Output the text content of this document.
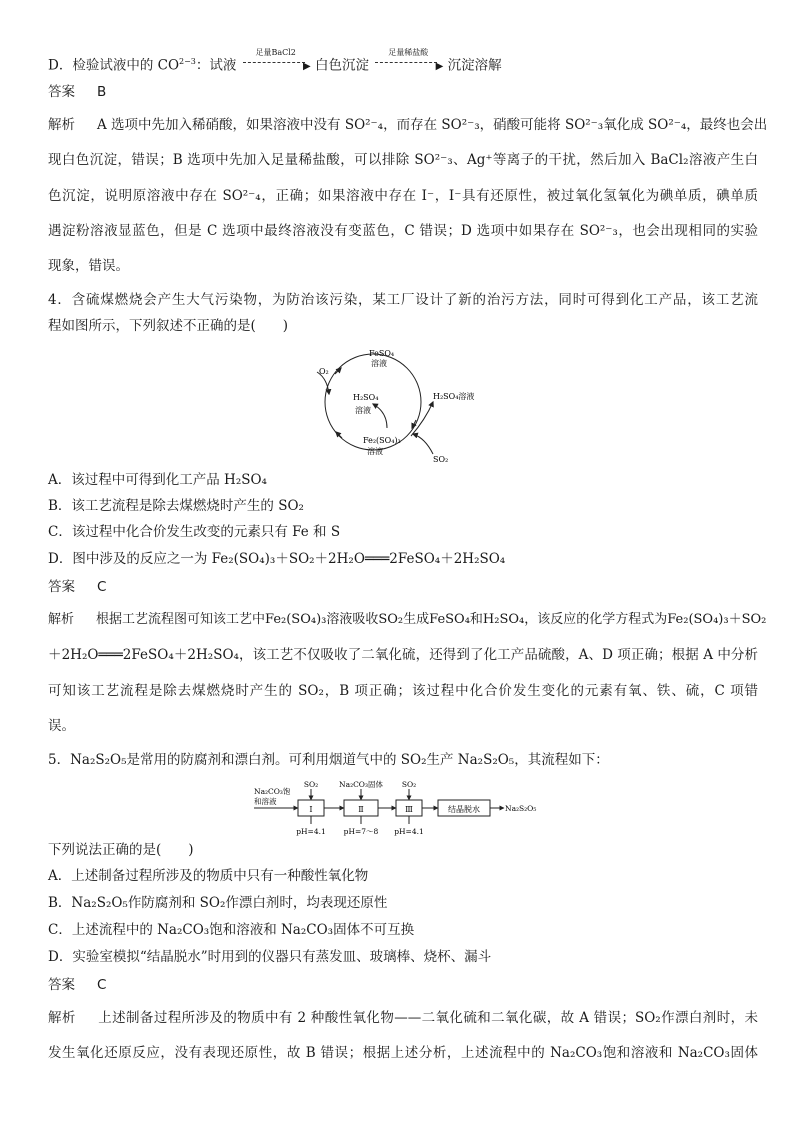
D．检验试液中的 $CO^{2-3}$：试液
足量BaCl2
▶ 白色沉淀
足量稀盐酸
▶ 沉淀溶解
答案 B
解析 A 选项中先加入稀硝酸，如果溶液中没有 SO²⁻₄，而存在 SO²⁻₃，硝酸可能将 SO²⁻₃氧化成 SO²⁻₄，最终也会出
现白色沉淀，错误；B 选项中先加入足量稀盐酸，可以排除 SO²⁻₃、Ag⁺等离子的干扰，然后加入 BaCl₂溶液产生白
色沉淀，说明原溶液中存在 SO²⁻₄，正确；如果溶液中存在 I⁻，I⁻具有还原性，被过氧化氢氧化为碘单质，碘单质
遇淀粉溶液显蓝色，但是 C 选项中最终溶液没有变蓝色，C 错误；D 选项中如果存在 SO²⁻₃，也会出现相同的实验
现象，错误。
4．含硫煤燃烧会产生大气污染物，为防治该污染，某工厂设计了新的治污方法，同时可得到化工产品，该工艺流
程如图所示，下列叙述不正确的是(　　)
FeSO₄
溶液
O₂
H₂SO₄
溶液
H₂SO₄溶液
Fe₂(SO₄)₃
溶液
SO₂
A．该过程中可得到化工产品 H₂SO₄
B．该工艺流程是除去煤燃烧时产生的 SO₂
C．该过程中化合价发生改变的元素只有 Fe 和 S
D．图中涉及的反应之一为 Fe₂(SO₄)₃＋SO₂＋2H₂O═══2FeSO₄＋2H₂SO₄
答案 C
解析 根据工艺流程图可知该工艺中Fe₂(SO₄)₃溶液吸收SO₂生成FeSO₄和H₂SO₄，该反应的化学方程式为Fe₂(SO₄)₃＋SO₂
＋2H₂O═══2FeSO₄＋2H₂SO₄，该工艺不仅吸收了二氧化硫，还得到了化工产品硫酸，A、D 项正确；根据 A 中分析
可知该工艺流程是除去煤燃烧时产生的 SO₂，B 项正确；该过程中化合价发生变化的元素有氧、铁、硫，C 项错
误。
5．Na₂S₂O₅是常用的防腐剂和漂白剂。可利用烟道气中的 SO₂生产 Na₂S₂O₅，其流程如下：
Na₂CO₃饱
和溶液
Ⅰ
SO₂
pH=4.1
Ⅱ
Na₂CO₃固体
pH=7～8
Ⅲ
SO₂
pH=4.1
结晶脱水	Na₂S₂O₅
下列说法正确的是(　　)
A．上述制备过程所涉及的物质中只有一种酸性氧化物
B．Na₂S₂O₅作防腐剂和 SO₂作漂白剂时，均表现还原性
C．上述流程中的 Na₂CO₃饱和溶液和 Na₂CO₃固体不可互换
D．实验室模拟“结晶脱水”时用到的仪器只有蒸发皿、玻璃棒、烧杯、漏斗
答案 C
解析 上述制备过程所涉及的物质中有 2 种酸性氧化物——二氧化硫和二氧化碳，故 A 错误；SO₂作漂白剂时，未
发生氧化还原反应，没有表现还原性，故 B 错误；根据上述分析，上述流程中的 Na₂CO₃饱和溶液和 Na₂CO₃固体
